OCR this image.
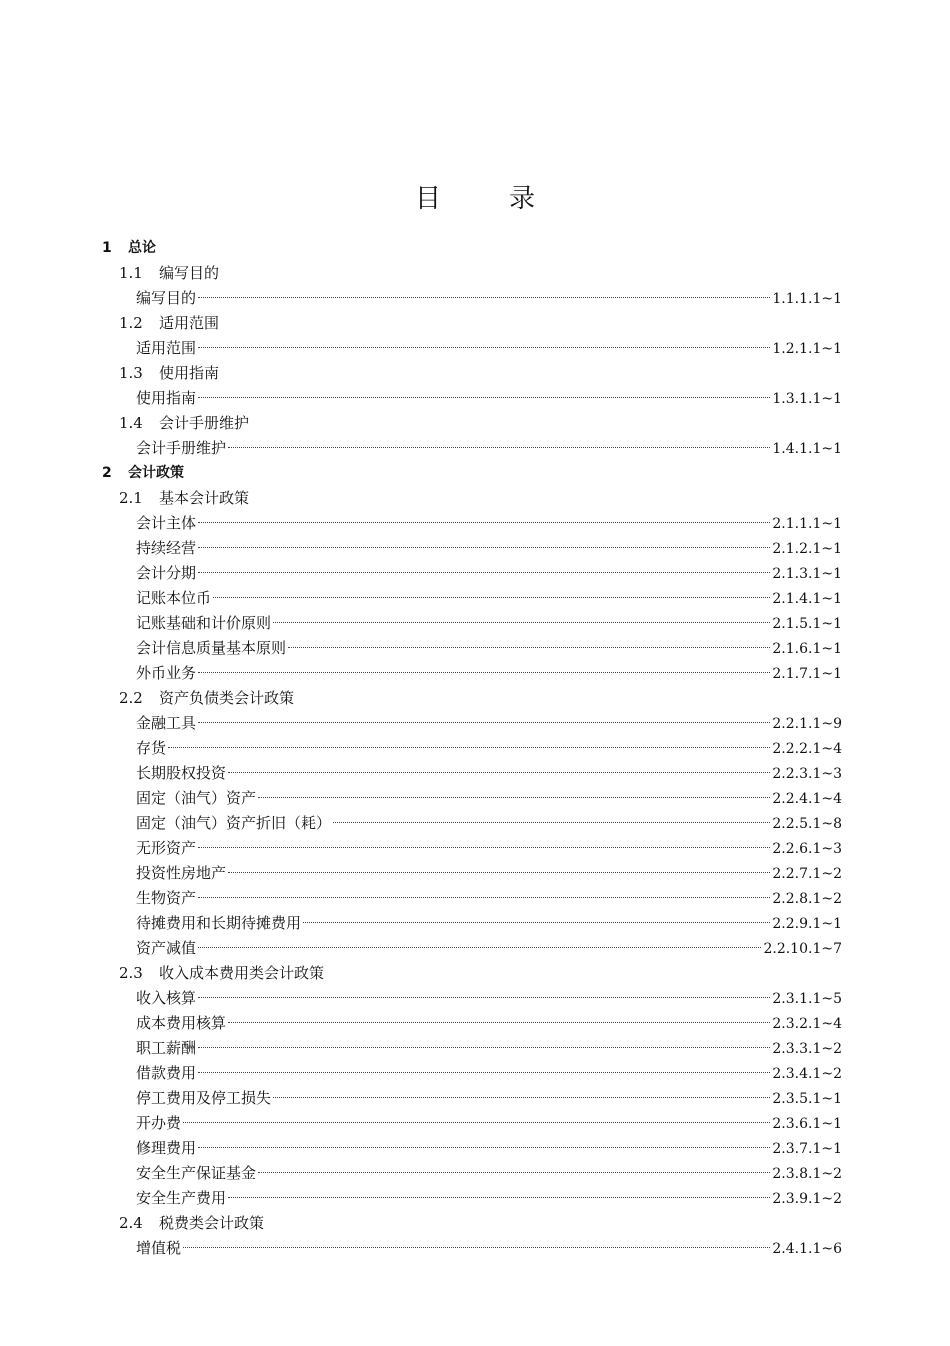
目	录
1 总论
1.1 编写目的
编写目的	1.1.1.1~1
1.2 适用范围
适用范围	1.2.1.1~1
1.3 使用指南
使用指南	1.3.1.1~1
1.4 会计手册维护
会计手册维护	1.4.1.1~1
2 会计政策
2.1 基本会计政策
会计主体	2.1.1.1~1
持续经营	2.1.2.1~1
会计分期	2.1.3.1~1
记账本位币	2.1.4.1~1
记账基础和计价原则	2.1.5.1~1
会计信息质量基本原则	2.1.6.1~1
外币业务	2.1.7.1~1
2.2 资产负债类会计政策
金融工具	2.2.1.1~9
存货	2.2.2.1~4
长期股权投资	2.2.3.1~3
固定（油气）资产	2.2.4.1~4
固定（油气）资产折旧（耗）	2.2.5.1~8
无形资产	2.2.6.1~3
投资性房地产	2.2.7.1~2
生物资产	2.2.8.1~2
待摊费用和长期待摊费用	2.2.9.1~1
资产减值	2.2.10.1~7
2.3 收入成本费用类会计政策
收入核算	2.3.1.1~5
成本费用核算	2.3.2.1~4
职工薪酬	2.3.3.1~2
借款费用	2.3.4.1~2
停工费用及停工损失	2.3.5.1~1
开办费	2.3.6.1~1
修理费用	2.3.7.1~1
安全生产保证基金	2.3.8.1~2
安全生产费用	2.3.9.1~2
2.4 税费类会计政策
增值税	2.4.1.1~6
